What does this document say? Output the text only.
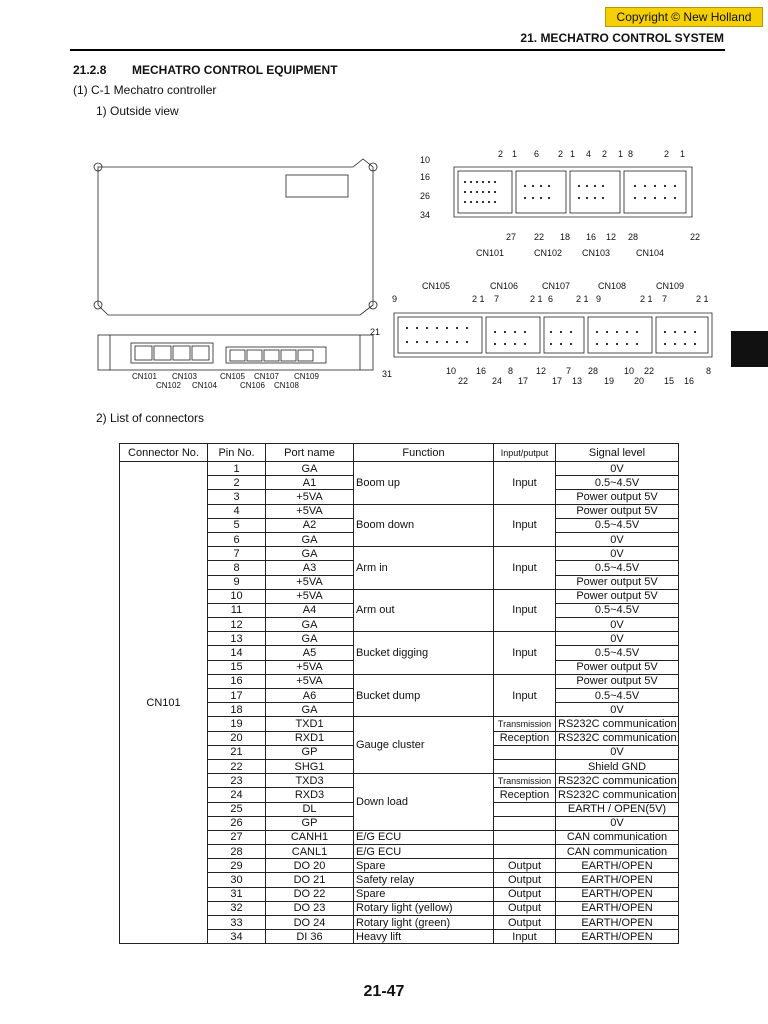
Copyright © New Holland
21. MECHATRO CONTROL SYSTEM
21.2.8 MECHATRO CONTROL EQUIPMENT
(1) C-1 Mechatro controller
1) Outside view
CN101 CN103	CN105 CN107 CN109
CN102 CN104	CN106 CN108
10
16
26
34
2 1 6 2 1 4 2 1 8	2 1
27 22 18 16 12 28	22
CN101	CN102 CN103	CN104
CN105	CN106	CN107	CN108	CN109
9	2 1 7	2 1 6	2 1 9	2 1 7	2 1
21
31	10 16 8	12 7 28	10 22	8
22	24 17	17 13 19 20 15 16
2) List of connectors
Connector No.	Pin No.	Port name	Function	Input/putput	Signal level
CN101	1	GA	Boom up	Input	0V
	2	A1			0.5~4.5V
	3	+5VA			Power output 5V
	4	+5VA	Boom down	Input	Power output 5V
	5	A2			0.5~4.5V
	6	GA			0V
	7	GA	Arm in	Input	0V
	8	A3			0.5~4.5V
	9	+5VA			Power output 5V
	10	+5VA	Arm out	Input	Power output 5V
	11	A4			0.5~4.5V
	12	GA			0V
	13	GA	Bucket digging	Input	0V
	14	A5			0.5~4.5V
	15	+5VA			Power output 5V
	16	+5VA	Bucket dump	Input	Power output 5V
	17	A6			0.5~4.5V
	18	GA			0V
	19	TXD1	Gauge cluster	Transmission	RS232C communication
	20	RXD1		Reception	RS232C communication
	21	GP			0V
	22	SHG1			Shield GND
	23	TXD3	Down load	Transmission	RS232C communication
	24	RXD3		Reception	RS232C communication
	25	DL			EARTH / OPEN(5V)
	26	GP			0V
	27	CANH1	E/G ECU		CAN communication
	28	CANL1	E/G ECU		CAN communication
	29	DO 20	Spare	Output	EARTH/OPEN
	30	DO 21	Safety relay	Output	EARTH/OPEN
	31	DO 22	Spare	Output	EARTH/OPEN
	32	DO 23	Rotary light (yellow)	Output	EARTH/OPEN
	33	DO 24	Rotary light (green)	Output	EARTH/OPEN
	34	DI 36	Heavy lift	Input	EARTH/OPEN
21-47
